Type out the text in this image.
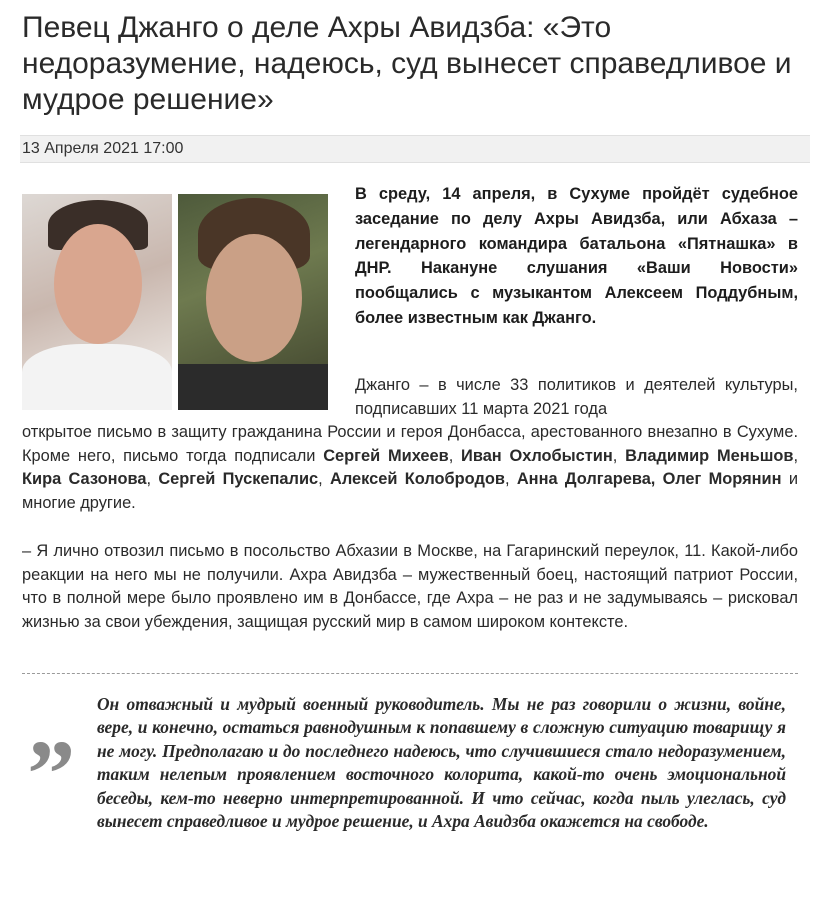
Певец Джанго о деле Ахры Авидзба: «Это недоразумение, надеюсь, суд вынесет справедливое и мудрое решение»
13 Апреля 2021 17:00

В среду, 14 апреля, в Сухуме пройдёт судебное заседание по делу Ахры Авидзба, или Абхаза – легендарного командира батальона «Пятнашка» в ДНР. Накануне слушания «Ваши Новости» пообщались с музыкантом Алексеем Поддубным, более известным как Джанго.

Джанго – в числе 33 политиков и деятелей культуры, подписавших 11 марта 2021 года

открытое письмо в защиту гражданина России и героя Донбасса, арестованного внезапно в Сухуме. Кроме него, письмо тогда подписали Сергей Михеев, Иван Охлобыстин, Владимир Меньшов, Кира Сазонова, Сергей Пускепалис, Алексей Колобродов, Анна Долгарева, Олег Морянин и многие другие.

– Я лично отвозил письмо в посольство Абхазии в Москве, на Гагаринский переулок, 11. Какой-либо реакции на него мы не получили. Ахра Авидзба – мужественный боец, настоящий патриот России, что в полной мере было проявлено им в Донбассе, где Ахра – не раз и не задумываясь – рисковал жизнью за свои убеждения, защищая русский мир в самом широком контексте.

„ Он отважный и мудрый военный руководитель. Мы не раз говорили о жизни, войне, вере, и конечно, остаться равнодушным к попавшему в сложную ситуацию товарищу я не могу. Предполагаю и до последнего надеюсь, что случившиеся стало недоразумением, таким нелепым проявлением восточного колорита, какой-то очень эмоциональной беседы, кем-то неверно интерпретированной. И что сейчас, когда пыль улеглась, суд вынесет справедливое и мудрое решение, и Ахра Авидзба окажется на свободе.
